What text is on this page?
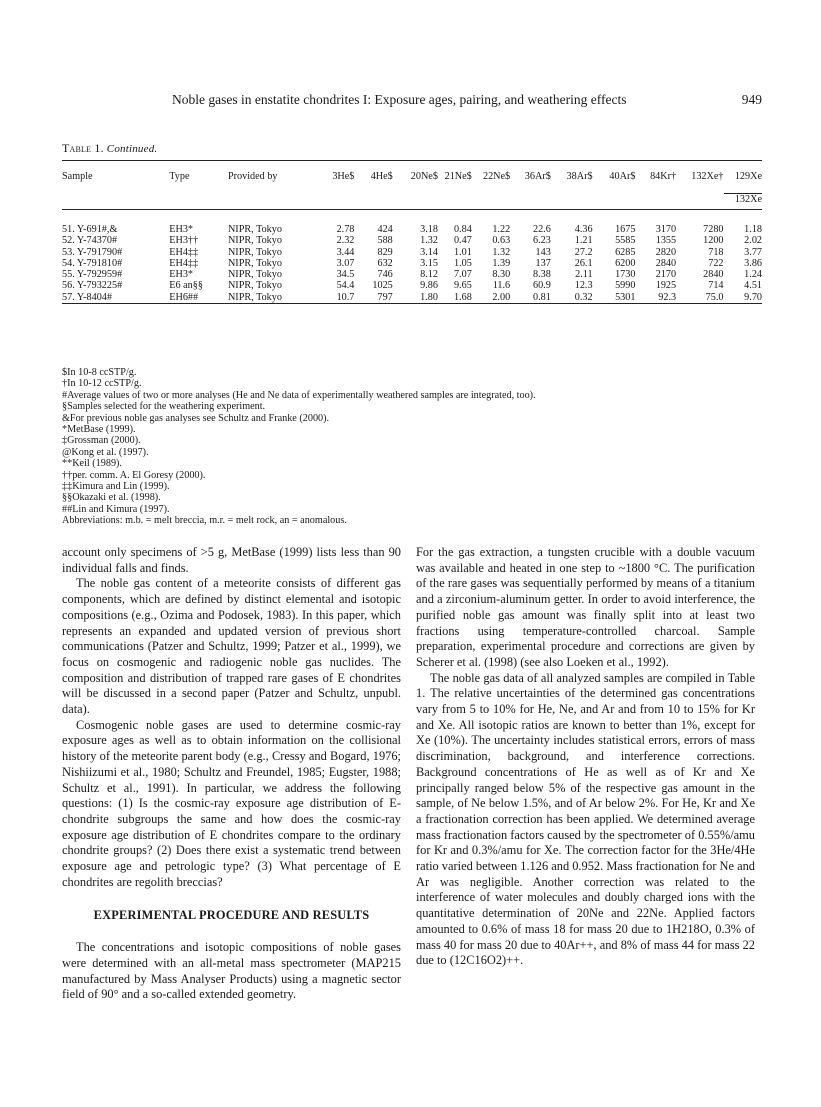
Noble gases in enstatite chondrites I: Exposure ages, pairing, and weathering effects	949
Table 1. Continued.
Sample	Type	Provided by	3He$	4He$	20Ne$	21Ne$	22Ne$	36Ar$	38Ar$	40Ar$	84Kr†	132Xe†	129Xe
													132Xe

51. Y-691#,&	EH3*	NIPR, Tokyo	2.78	424	3.18	0.84	1.22	22.6	4.36	1675	3170	7280	1.18
52. Y-74370#	EH3††	NIPR, Tokyo	2.32	588	1.32	0.47	0.63	6.23	1.21	5585	1355	1200	2.02
53. Y-791790#	EH4‡‡	NIPR, Tokyo	3.44	829	3.14	1.01	1.32	143	27.2	6285	2820	718	3.77
54. Y-791810#	EH4‡‡	NIPR, Tokyo	3.07	632	3.15	1.05	1.39	137	26.1	6200	2840	722	3.86
55. Y-792959#	EH3*	NIPR, Tokyo	34.5	746	8.12	7.07	8.30	8.38	2.11	1730	2170	2840	1.24
56. Y-793225#	E6 an§§	NIPR, Tokyo	54.4	1025	9.86	9.65	11.6	60.9	12.3	5990	1925	714	4.51
57. Y-8404#	EH6##	NIPR, Tokyo	10.7	797	1.80	1.68	2.00	0.81	0.32	5301	92.3	75.0	9.70

$In 10-8 ccSTP/g.
†In 10-12 ccSTP/g.
#Average values of two or more analyses (He and Ne data of experimentally weathered samples are integrated, too).
§Samples selected for the weathering experiment.
&For previous noble gas analyses see Schultz and Franke (2000).
*MetBase (1999).
‡Grossman (2000).
@Kong et al. (1997).
**Keil (1989).
††per. comm. A. El Goresy (2000).
‡‡Kimura and Lin (1999).
§§Okazaki et al. (1998).
##Lin and Kimura (1997).
Abbreviations: m.b. = melt breccia, m.r. = melt rock, an = anomalous.

account only specimens of >5 g, MetBase (1999) lists less than 90 individual falls and finds.

The noble gas content of a meteorite consists of different gas components, which are defined by distinct elemental and isotopic compositions (e.g., Ozima and Podosek, 1983). In this paper, which represents an expanded and updated version of previous short communications (Patzer and Schultz, 1999; Patzer et al., 1999), we focus on cosmogenic and radiogenic noble gas nuclides. The composition and distribution of trapped rare gases of E chondrites will be discussed in a second paper (Patzer and Schultz, unpubl. data).

Cosmogenic noble gases are used to determine cosmic-ray exposure ages as well as to obtain information on the collisional history of the meteorite parent body (e.g., Cressy and Bogard, 1976; Nishiizumi et al., 1980; Schultz and Freundel, 1985; Eugster, 1988; Schultz et al., 1991). In particular, we address the following questions: (1) Is the cosmic-ray exposure age distribution of E-chondrite subgroups the same and how does the cosmic-ray exposure age distribution of E chondrites compare to the ordinary chondrite groups? (2) Does there exist a systematic trend between exposure age and petrologic type? (3) What percentage of E chondrites are regolith breccias?

EXPERIMENTAL PROCEDURE AND RESULTS

The concentrations and isotopic compositions of noble gases were determined with an all-metal mass spectrometer (MAP215 manufactured by Mass Analyser Products) using a magnetic sector field of 90° and a so-called extended geometry.

For the gas extraction, a tungsten crucible with a double vacuum was available and heated in one step to ~1800 °C. The purification of the rare gases was sequentially performed by means of a titanium and a zirconium-aluminum getter. In order to avoid interference, the purified noble gas amount was finally split into at least two fractions using temperature-controlled charcoal. Sample preparation, experimental procedure and corrections are given by Scherer et al. (1998) (see also Loeken et al., 1992).

The noble gas data of all analyzed samples are compiled in Table 1. The relative uncertainties of the determined gas concentrations vary from 5 to 10% for He, Ne, and Ar and from 10 to 15% for Kr and Xe. All isotopic ratios are known to better than 1%, except for Xe (10%). The uncertainty includes statistical errors, errors of mass discrimination, background, and interference corrections. Background concentrations of He as well as of Kr and Xe principally ranged below 5% of the respective gas amount in the sample, of Ne below 1.5%, and of Ar below 2%. For He, Kr and Xe a fractionation correction has been applied. We determined average mass fractionation factors caused by the spectrometer of 0.55%/amu for Kr and 0.3%/amu for Xe. The correction factor for the 3He/4He ratio varied between 1.126 and 0.952. Mass fractionation for Ne and Ar was negligible. Another correction was related to the interference of water molecules and doubly charged ions with the quantitative determination of 20Ne and 22Ne. Applied factors amounted to 0.6% of mass 18 for mass 20 due to 1H218O, 0.3% of mass 40 for mass 20 due to 40Ar++, and 8% of mass 44 for mass 22 due to (12C16O2)++.
